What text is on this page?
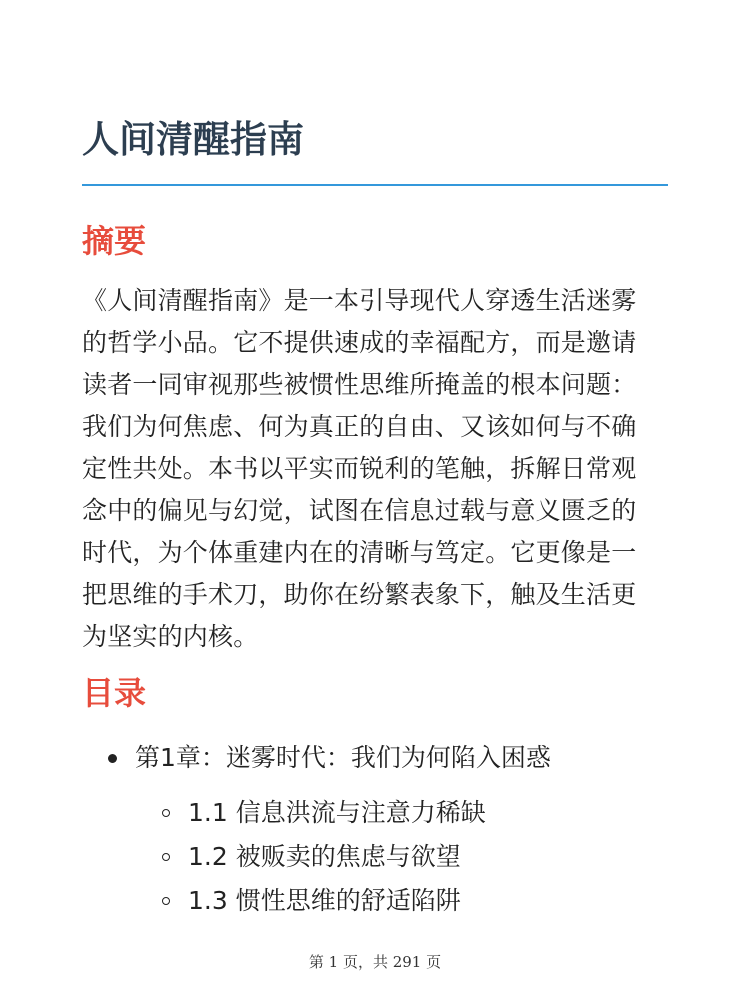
人间清醒指南
摘要

《人间清醒指南》是一本引导现代人穿透生活迷雾
的哲学小品。它不提供速成的幸福配方，而是邀请
读者一同审视那些被惯性思维所掩盖的根本问题：
我们为何焦虑、何为真正的自由、又该如何与不确
定性共处。本书以平实而锐利的笔触，拆解日常观
念中的偏见与幻觉，试图在信息过载与意义匮乏的
时代，为个体重建内在的清晰与笃定。它更像是一
把思维的手术刀，助你在纷繁表象下，触及生活更
为坚实的内核。

目录
第1章：迷雾时代：我们为何陷入困惑
1.1 信息洪流与注意力稀缺
1.2 被贩卖的焦虑与欲望
1.3 惯性思维的舒适陷阱
第 1 页，共 291 页
